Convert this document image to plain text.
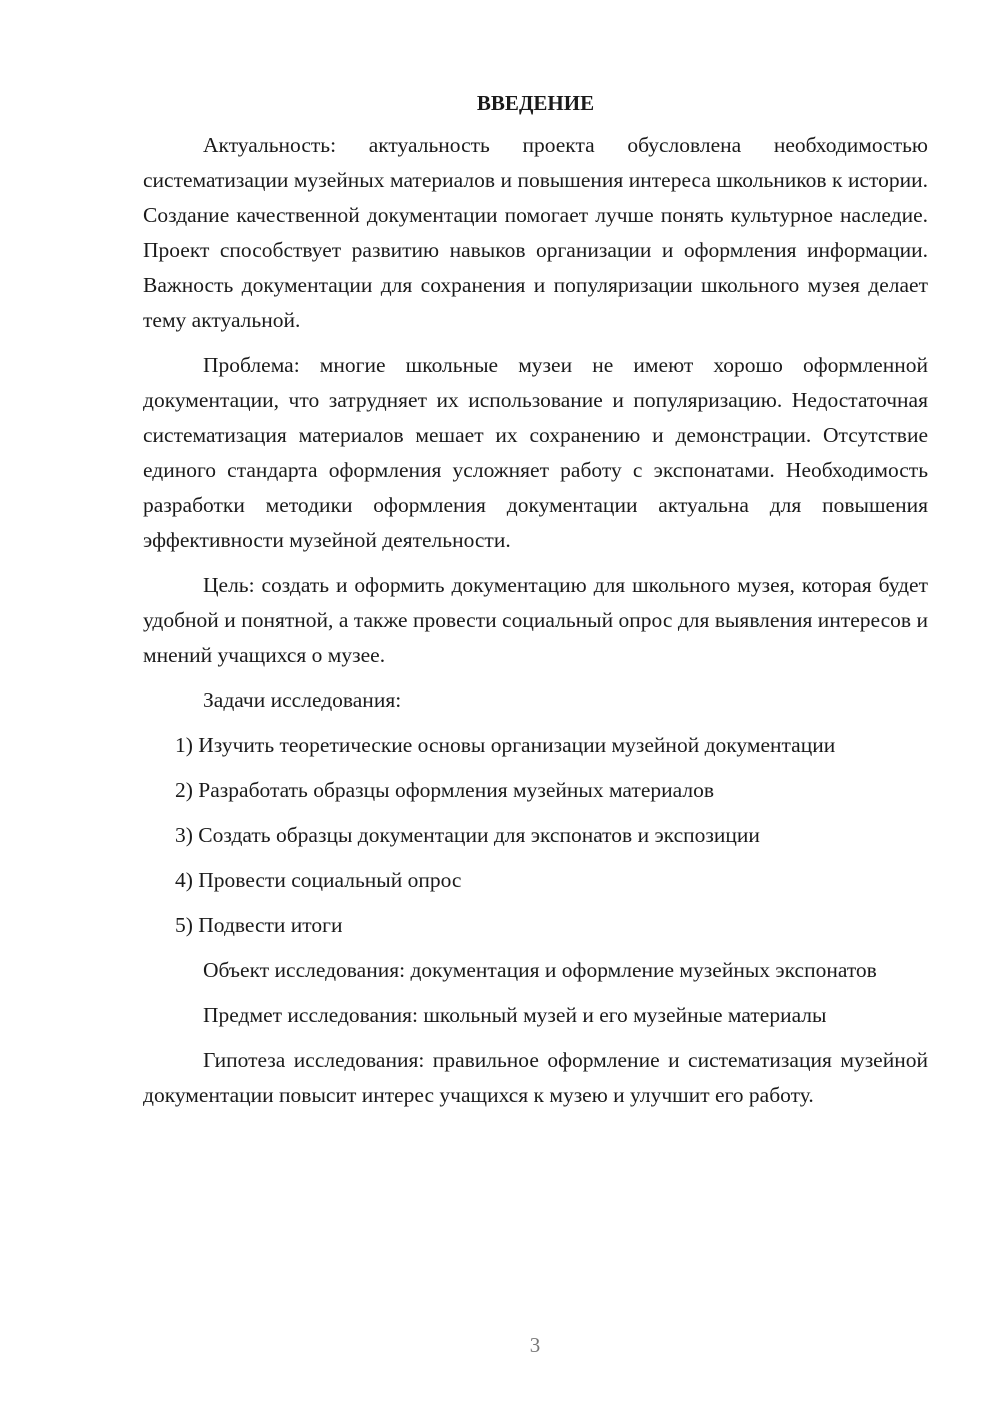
ВВЕДЕНИЕ

Актуальность: актуальность проекта обусловлена необходимостью систематизации музейных материалов и повышения интереса школьников к истории. Создание качественной документации помогает лучше понять культурное наследие. Проект способствует развитию навыков организации и оформления информации. Важность документации для сохранения и популяризации школьного музея делает тему актуальной.

Проблема: многие школьные музеи не имеют хорошо оформленной документации, что затрудняет их использование и популяризацию. Недостаточная систематизация материалов мешает их сохранению и демонстрации. Отсутствие единого стандарта оформления усложняет работу с экспонатами. Необходимость разработки методики оформления документации актуальна для повышения эффективности музейной деятельности.

Цель: создать и оформить документацию для школьного музея, которая будет удобной и понятной, а также провести социальный опрос для выявления интересов и мнений учащихся о музее.

Задачи исследования:

1) Изучить теоретические основы организации музейной документации

2) Разработать образцы оформления музейных материалов

3) Создать образцы документации для экспонатов и экспозиции

4) Провести социальный опрос

5) Подвести итоги

Объект исследования: документация и оформление музейных экспонатов

Предмет исследования: школьный музей и его музейные материалы

Гипотеза исследования: правильное оформление и систематизация музейной документации повысит интерес учащихся к музею и улучшит его работу.

3
